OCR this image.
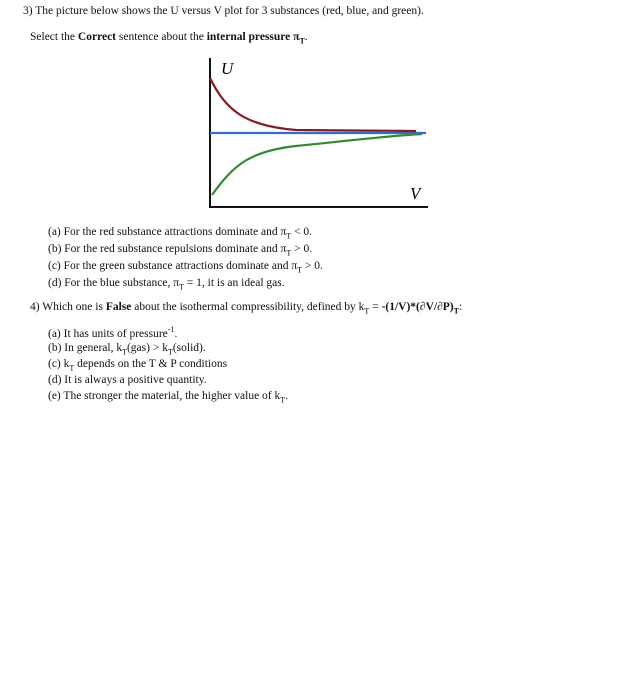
3) The picture below shows the U versus V plot for 3 substances (red, blue, and green).
Select the Correct sentence about the internal pressure $\pi_T$.
U
V
(a) For the red substance attractions dominate and $\pi_T < 0$.
(b) For the red substance repulsions dominate and $\pi_T > 0$.
(c) For the green substance attractions dominate and $\pi_T > 0$.
(d) For the blue substance, $\pi_T = 1$, it is an ideal gas.
4) Which one is False about the isothermal compressibility, defined by $k_T = -(1/V)*(\partial V/\partial P)_T$:
(a) It has units of pressure$^{-1}$.
(b) In general, $k_T(gas)$ > $k_T(solid)$.
(c) $k_T$ depends on the T & P conditions
(d) It is always a positive quantity.
(e) The stronger the material, the higher value of $k_T$.
